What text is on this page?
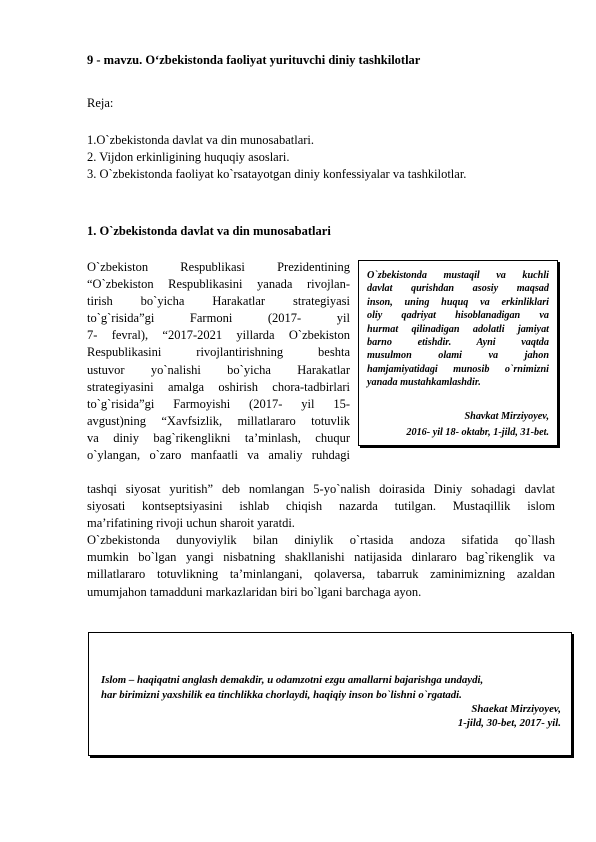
9 - mavzu. O‘zbekistonda faoliyat yurituvchi diniy tashkilotlar
Reja:
1.O`zbekistonda davlat va din munosabatlari.
2. Vijdon erkinligining huquqiy asoslari.
3. O`zbekistonda faoliyat ko`rsatayotgan diniy konfessiyalar va tashkilotlar.
1. O`zbekistonda davlat va din munosabatlari
O`zbekiston Respublikasi Prezidentining
“O`zbekiston Respublikasini yanada rivojlan-
tirish bo`yicha Harakatlar strategiyasi
to`g`risida”gi Farmoni (2017- yil
7- fevral), “2017-2021 yillarda O`zbekiston
Respublikasini rivojlantirishning beshta
ustuvor yo`nalishi bo`yicha Harakatlar
strategiyasini amalga oshirish chora-tadbirlari
to`g`risida”gi Farmoyishi (2017- yil 15-
avgust)ning “Xavfsizlik, millatlararo totuvlik
va diniy bag`rikenglikni ta’minlash, chuqur
o`ylangan, o`zaro manfaatli va amaliy ruhdagi
O`zbekistonda mustaqil va kuchli
davlat qurishdan asosiy maqsad
inson, uning huquq va erkinliklari
oliy qadriyat hisoblanadigan va
hurmat qilinadigan adolatli jamiyat
barno etishdir. Ayni vaqtda
musulmon olami va jahon
hamjamiyatidagi munosib o`rnimizni
yanada mustahkamlashdir.
Shavkat Mirziyoyev,
2016- yil 18- oktabr, 1-jild, 31-bet.
tashqi siyosat yuritish” deb nomlangan 5-yo`nalish doirasida Diniy sohadagi davlat
siyosati kontseptsiyasini ishlab chiqish nazarda tutilgan. Mustaqillik islom
ma’rifatining rivoji uchun sharoit yaratdi.
O`zbekistonda dunyoviylik bilan diniylik o`rtasida andoza sifatida qo`llash
mumkin bo`lgan yangi nisbatning shakllanishi natijasida dinlararo bag`rikenglik va
millatlararo totuvlikning ta’minlangani, qolaversa, tabarruk zaminimizning azaldan
umumjahon tamadduni markazlaridan biri bo`lgani barchaga ayon.
Islom – haqiqatni anglash demakdir, u odamzotni ezgu amallarni bajarishga undaydi,
har birimizni yaxshilik ea tinchlikka chorlaydi, haqiqiy inson bo`lishni o`rgatadi.
Shaekat Mirziyoyev,
1-jild, 30-bet, 2017- yil.
